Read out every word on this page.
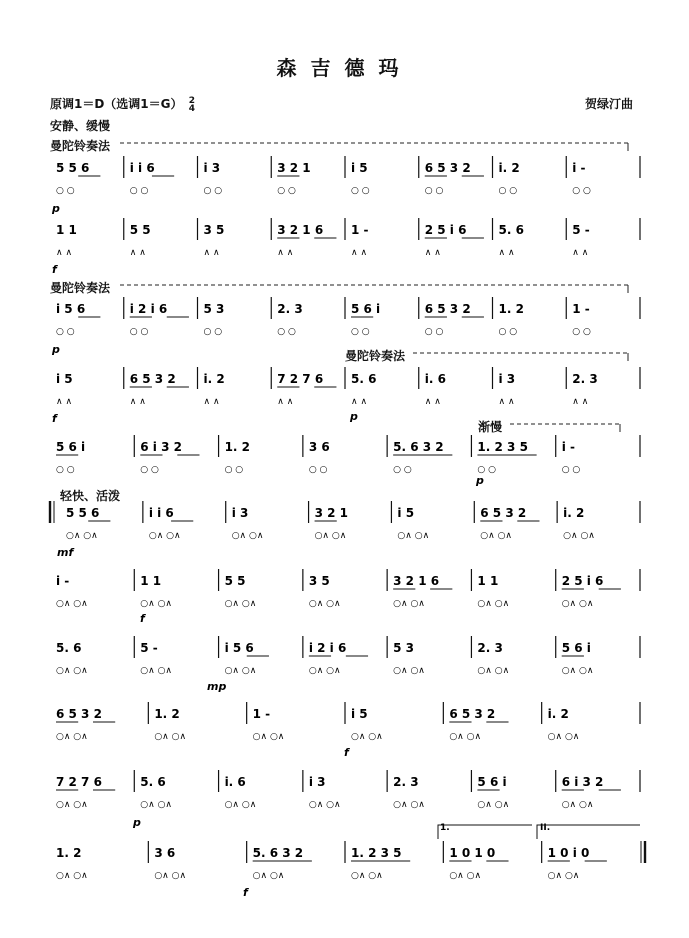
森吉德玛
原调1＝D（选调1＝G） 2
4	贺绿汀曲
安静、缓慢
曼陀铃奏法
曼陀铃奏法
曼陀铃奏法
渐慢
轻快、活泼
5 5 6
○ ○
i i 6
○ ○
i 3
○ ○
3 2 1
○ ○
i 5
○ ○
6 5 3 2
○ ○
i. 2
○ ○
i -
○ ○
1 1
∧ ∧
5 5
∧ ∧
3 5
∧ ∧
3 2 1 6
∧ ∧
1 -
∧ ∧
2 5 i 6
∧ ∧
5. 6
∧ ∧
5 -
∧ ∧
i 5 6
○ ○
i 2 i 6
○ ○
5 3
○ ○
2. 3
○ ○
5 6 i
○ ○
6 5 3 2
○ ○
1. 2
○ ○
1 -
○ ○
i 5
∧ ∧
6 5 3 2
∧ ∧
i. 2
∧ ∧
7 2 7 6
∧ ∧
5. 6
∧ ∧
i. 6
∧ ∧
i 3
∧ ∧
2. 3
∧ ∧
5 6 i
○ ○
6 i 3 2
○ ○
1. 2
○ ○
3 6
○ ○
5. 6 3 2
○ ○
1. 2 3 5
○ ○
i -
○ ○
5 5 6
○∧ ○∧
i i 6
○∧ ○∧
i 3
○∧ ○∧
3 2 1
○∧ ○∧
i 5
○∧ ○∧
6 5 3 2
○∧ ○∧
i. 2
○∧ ○∧
i -
○∧ ○∧
1 1
○∧ ○∧
5 5
○∧ ○∧
3 5
○∧ ○∧
3 2 1 6
○∧ ○∧
1 1
○∧ ○∧
2 5 i 6
○∧ ○∧
5. 6
○∧ ○∧
5 -
○∧ ○∧
i 5 6
○∧ ○∧
i 2 i 6
○∧ ○∧
5 3
○∧ ○∧
2. 3
○∧ ○∧
5 6 i
○∧ ○∧
6 5 3 2
○∧ ○∧
1. 2
○∧ ○∧
1 -
○∧ ○∧
i 5
○∧ ○∧
6 5 3 2
○∧ ○∧
i. 2
○∧ ○∧
7 2 7 6
○∧ ○∧
5. 6
○∧ ○∧
i. 6
○∧ ○∧
i 3
○∧ ○∧
2. 3
○∧ ○∧
5 6 i
○∧ ○∧
6 i 3 2
○∧ ○∧
1. 2
○∧ ○∧
3 6
○∧ ○∧
5. 6 3 2
○∧ ○∧
1. 2 3 5
○∧ ○∧
1 0 1 0
○∧ ○∧
1 0 i 0
○∧ ○∧
1.	II.
p
f
p
f	p
p
mf
f
mp
f
p
f
